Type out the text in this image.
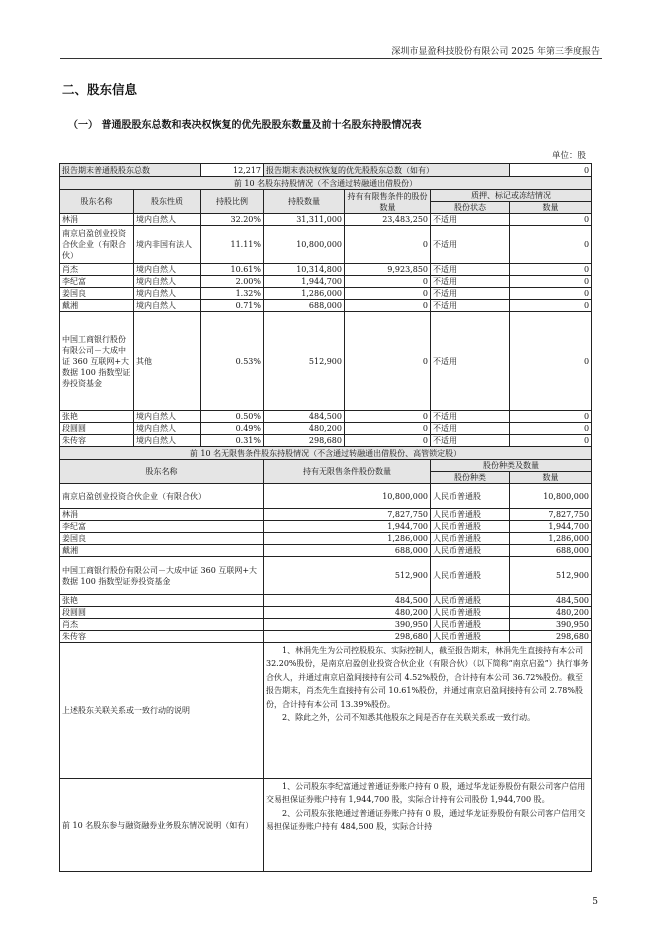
深圳市显盈科技股份有限公司 2025 年第三季度报告
二、股东信息
（一） 普通股股东总数和表决权恢复的优先股股东数量及前十名股东持股情况表
单位：股
报告期末普通股股东总数		12,217	报告期末表决权恢复的优先股股东总数（如有）			0
前 10 名股东持股情况（不含通过转融通出借股份）						
股东名称	股东性质	持股比例	持股数量	持有有限售条件的股份数量	质押、标记或冻结情况	
					股份状态	数量
林涓	境内自然人	32.20%	31,311,000	23,483,250	不适用	0
南京启盈创业投资合伙企业（有限合伙）	境内非国有法人	11.11%	10,800,000	0	不适用	0
肖杰	境内自然人	10.61%	10,314,800	9,923,850	不适用	0
李纪富	境内自然人	2.00%	1,944,700	0	不适用	0
姜国良	境内自然人	1.32%	1,286,000	0	不适用	0
戴湘	境内自然人	0.71%	688,000	0	不适用	0
中国工商银行股份有限公司－大成中证 360 互联网+大数据 100 指数型证券投资基金	其他	0.53%	512,900	0	不适用	0
张艳	境内自然人	0.50%	484,500	0	不适用	0
段圆圆	境内自然人	0.49%	480,200	0	不适用	0
朱传容	境内自然人	0.31%	298,680	0	不适用	0
前 10 名无限售条件股东持股情况（不含通过转融通出借股份、高管锁定股）						
股东名称			持有无限售条件股份数量		股份种类及数量	
					股份种类	数量
南京启盈创业投资合伙企业（有限合伙）			10,800,000		人民币普通股	10,800,000
林涓			7,827,750		人民币普通股	7,827,750
李纪富			1,944,700		人民币普通股	1,944,700
姜国良			1,286,000		人民币普通股	1,286,000
戴湘			688,000		人民币普通股	688,000
中国工商银行股份有限公司－大成中证 360 互联网+大数据 100 指数型证券投资基金			512,900		人民币普通股	512,900
张艳			484,500		人民币普通股	484,500
段圆圆			480,200		人民币普通股	480,200
肖杰			390,950		人民币普通股	390,950
朱传容			298,680		人民币普通股	298,680
上述股东关联关系或一致行动的说明			1、林涓先生为公司控股股东、实际控制人，截至报告期末，林涓先生直接持有本公司 32.20%股份，是南京启盈创业投资合伙企业（有限合伙）（以下简称“南京启盈”）执行事务合伙人，并通过南京启盈间接持有公司 4.52%股份，合计持有本公司 36.72%股份。截至报告期末，肖杰先生直接持有公司 10.61%股份，并通过南京启盈间接持有公司 2.78%股份，合计持有本公司 13.39%股份。
2、除此之外，公司不知悉其他股东之间是否存在关联关系或一致行动。			

前 10 名股东参与融资融券业务股东情况说明（如有）			1、公司股东李纪富通过普通证券账户持有 0 股，通过华龙证券股份有限公司客户信用交易担保证券账户持有 1,944,700 股，实际合计持有公司股份 1,944,700 股。
2、公司股东张艳通过普通证券账户持有 0 股，通过华龙证券股份有限公司客户信用交易担保证券账户持有 484,500 股，实际合计持			
5
